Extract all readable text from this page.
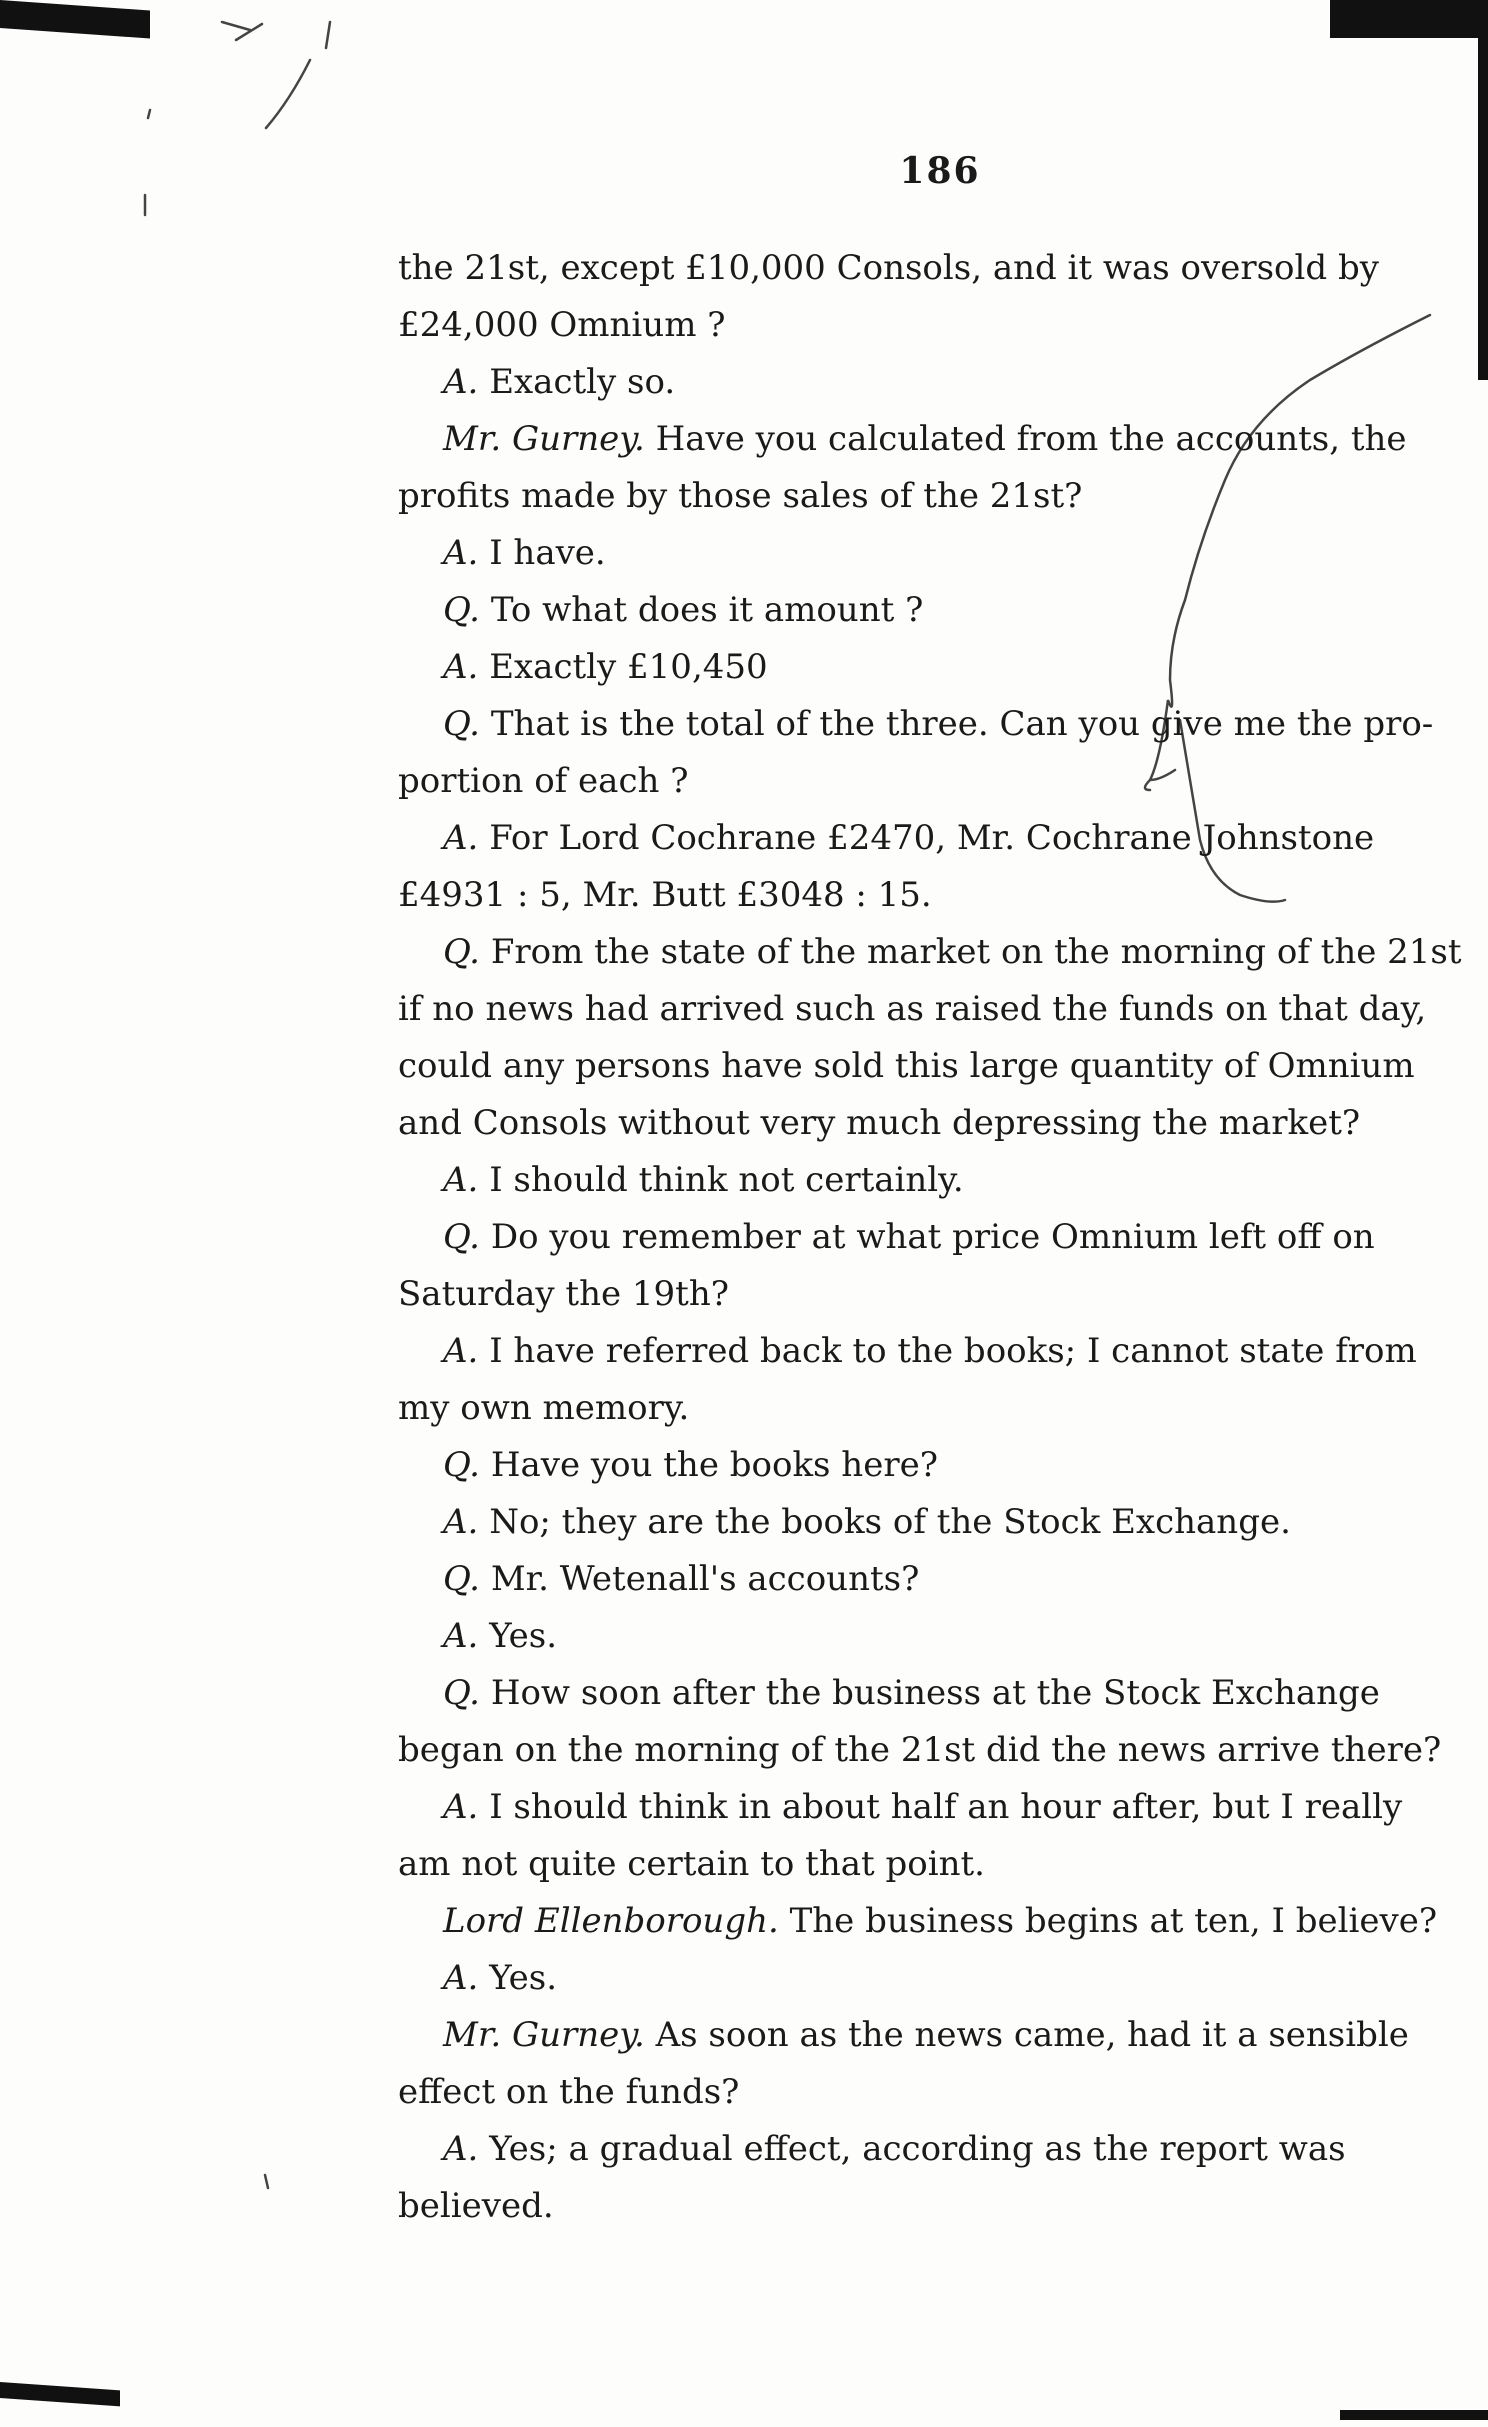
186
the 21st, except £10,000 Consols, and it was oversold by
£24,000 Omnium ?
A. Exactly so.
Mr. Gurney. Have you calculated from the accounts, the
profits made by those sales of the 21st?
A. I have.
Q. To what does it amount ?
A. Exactly £10,450
Q. That is the total of the three. Can you give me the pro-
portion of each ?
A. For Lord Cochrane £2470, Mr. Cochrane Johnstone
£4931 : 5, Mr. Butt £3048 : 15.
Q. From the state of the market on the morning of the 21st
if no news had arrived such as raised the funds on that day,
could any persons have sold this large quantity of Omnium
and Consols without very much depressing the market?
A. I should think not certainly.
Q. Do you remember at what price Omnium left off on
Saturday the 19th?
A. I have referred back to the books; I cannot state from
my own memory.
Q. Have you the books here?
A. No; they are the books of the Stock Exchange.
Q. Mr. Wetenall's accounts?
A. Yes.
Q. How soon after the business at the Stock Exchange
began on the morning of the 21st did the news arrive there?
A. I should think in about half an hour after, but I really
am not quite certain to that point.
Lord Ellenborough. The business begins at ten, I believe?
A. Yes.
Mr. Gurney. As soon as the news came, had it a sensible
effect on the funds?
A. Yes; a gradual effect, according as the report was
believed.
